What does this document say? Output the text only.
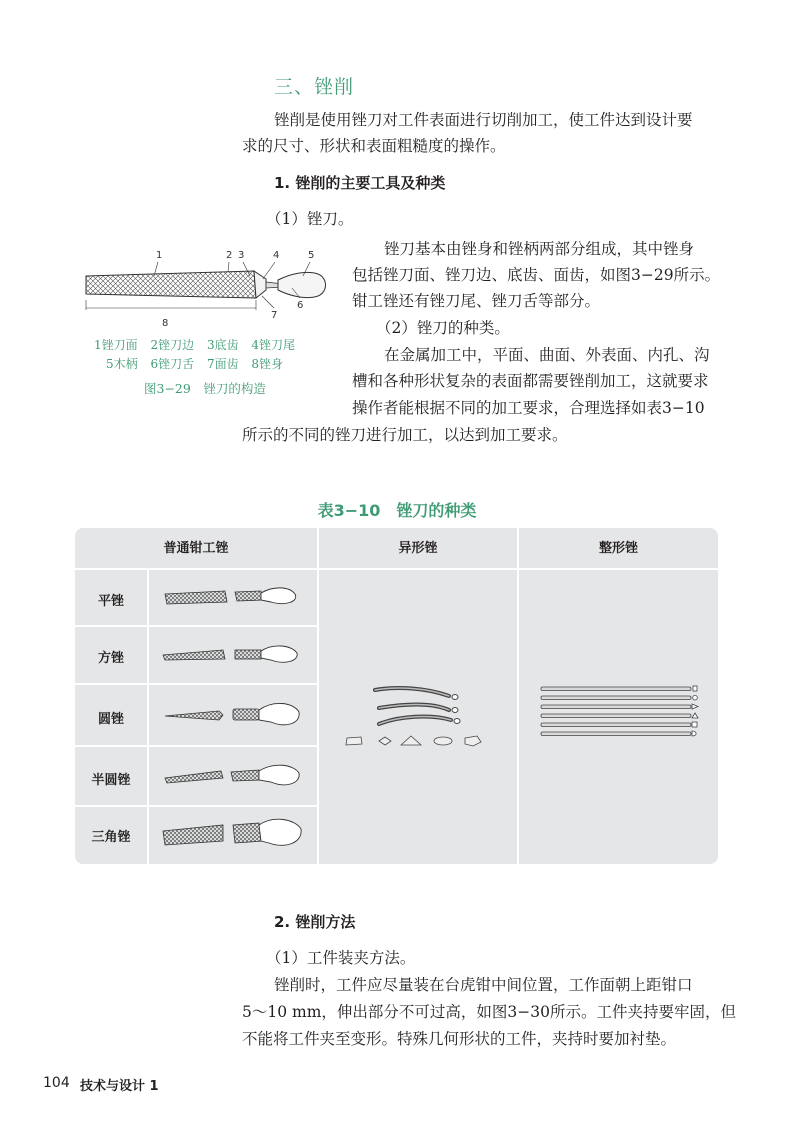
三、锉削
锉削是使用锉刀对工件表面进行切削加工，使工件达到设计要
求的尺寸、形状和表面粗糙度的操作。
1. 锉削的主要工具及种类
（1）锉刀。
1	2 3	4	5
6
7
8
1锉刀面 2锉刀边 3底齿 4锉刀尾
5木柄 6锉刀舌 7面齿 8锉身
图3−29　锉刀的构造
锉刀基本由锉身和锉柄两部分组成，其中锉身
包括锉刀面、锉刀边、底齿、面齿，如图3−29所示。
钳工锉还有锉刀尾、锉刀舌等部分。
（2）锉刀的种类。
在金属加工中，平面、曲面、外表面、内孔、沟
槽和各种形状复杂的表面都需要锉削加工，这就要求
操作者能根据不同的加工要求，合理选择如表3−10
所示的不同的锉刀进行加工，以达到加工要求。
表3−10　锉刀的种类
普通钳工锉	异形锉	整形锉
平锉
方锉
圆锉
半圆锉
三角锉
2. 锉削方法
（1）工件装夹方法。
锉削时，工件应尽量装在台虎钳中间位置，工作面朝上距钳口
5～10 mm，伸出部分不可过高，如图3−30所示。工件夹持要牢固，但
不能将工件夹至变形。特殊几何形状的工件，夹持时要加衬垫。
104 技术与设计 1
